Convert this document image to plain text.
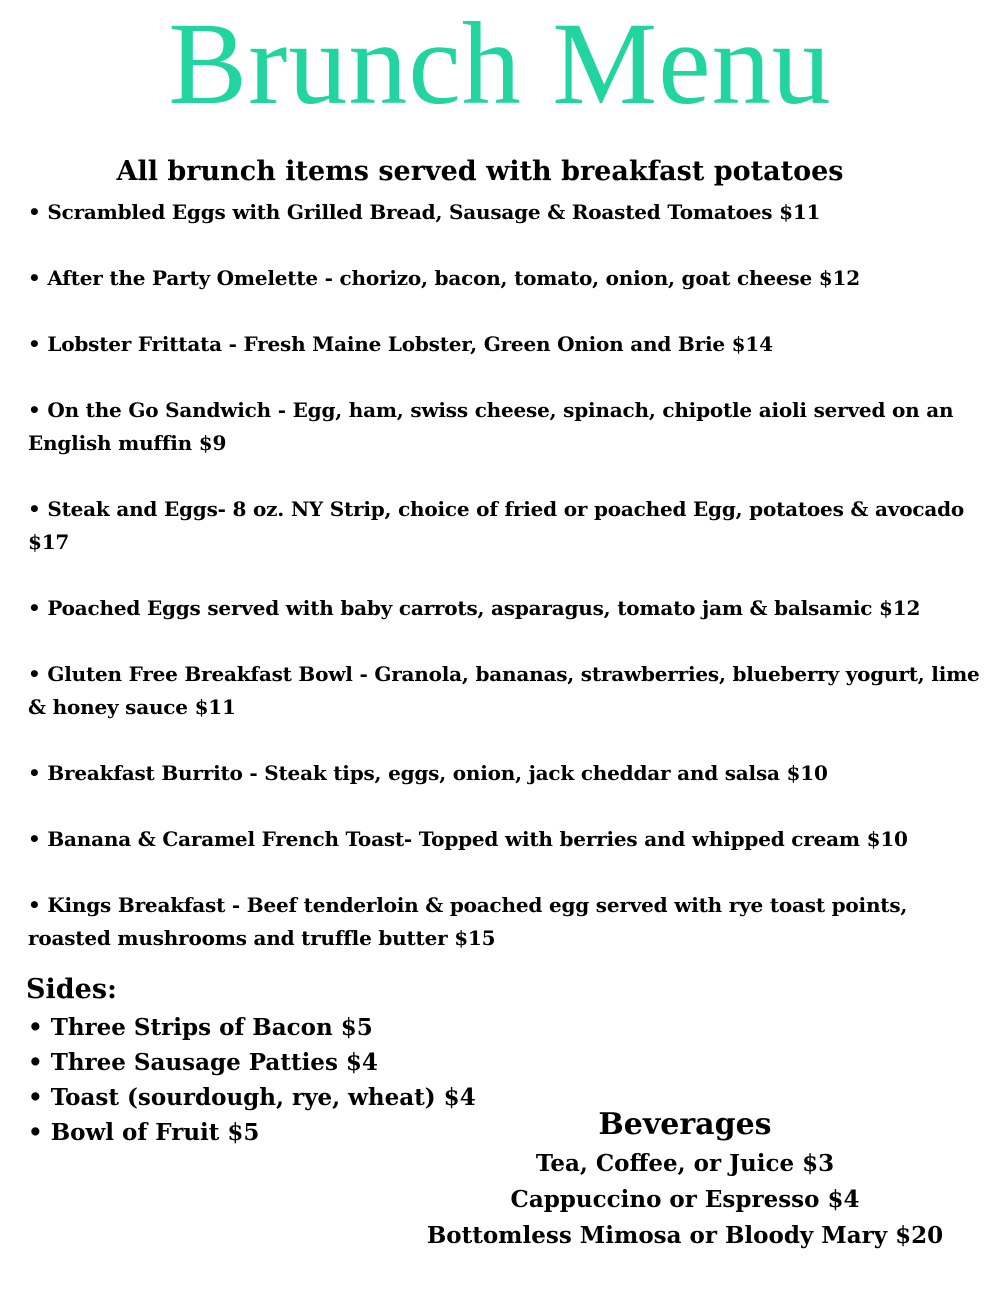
Brunch Menu
All brunch items served with breakfast potatoes
• Scrambled Eggs with Grilled Bread, Sausage & Roasted Tomatoes $11
• After the Party Omelette - chorizo, bacon, tomato, onion, goat cheese $12
• Lobster Frittata - Fresh Maine Lobster, Green Onion and Brie $14
• On the Go Sandwich - Egg, ham, swiss cheese, spinach, chipotle aioli served on an English muffin $9
• Steak and Eggs- 8 oz. NY Strip, choice of fried or poached Egg, potatoes & avocado $17
• Poached Eggs served with baby carrots, asparagus, tomato jam & balsamic $12
• Gluten Free Breakfast Bowl - Granola, bananas, strawberries, blueberry yogurt, lime & honey sauce $11
• Breakfast Burrito - Steak tips, eggs, onion, jack cheddar and salsa $10
• Banana & Caramel French Toast- Topped with berries and whipped cream $10
• Kings Breakfast - Beef tenderloin & poached egg served with rye toast points, roasted mushrooms and truffle butter $15
Sides:
• Three Strips of Bacon $5
• Three Sausage Patties $4
• Toast (sourdough, rye, wheat) $4
• Bowl of Fruit $5	Beverages
Tea, Coffee, or Juice $3
Cappuccino or Espresso $4
Bottomless Mimosa or Bloody Mary $20
